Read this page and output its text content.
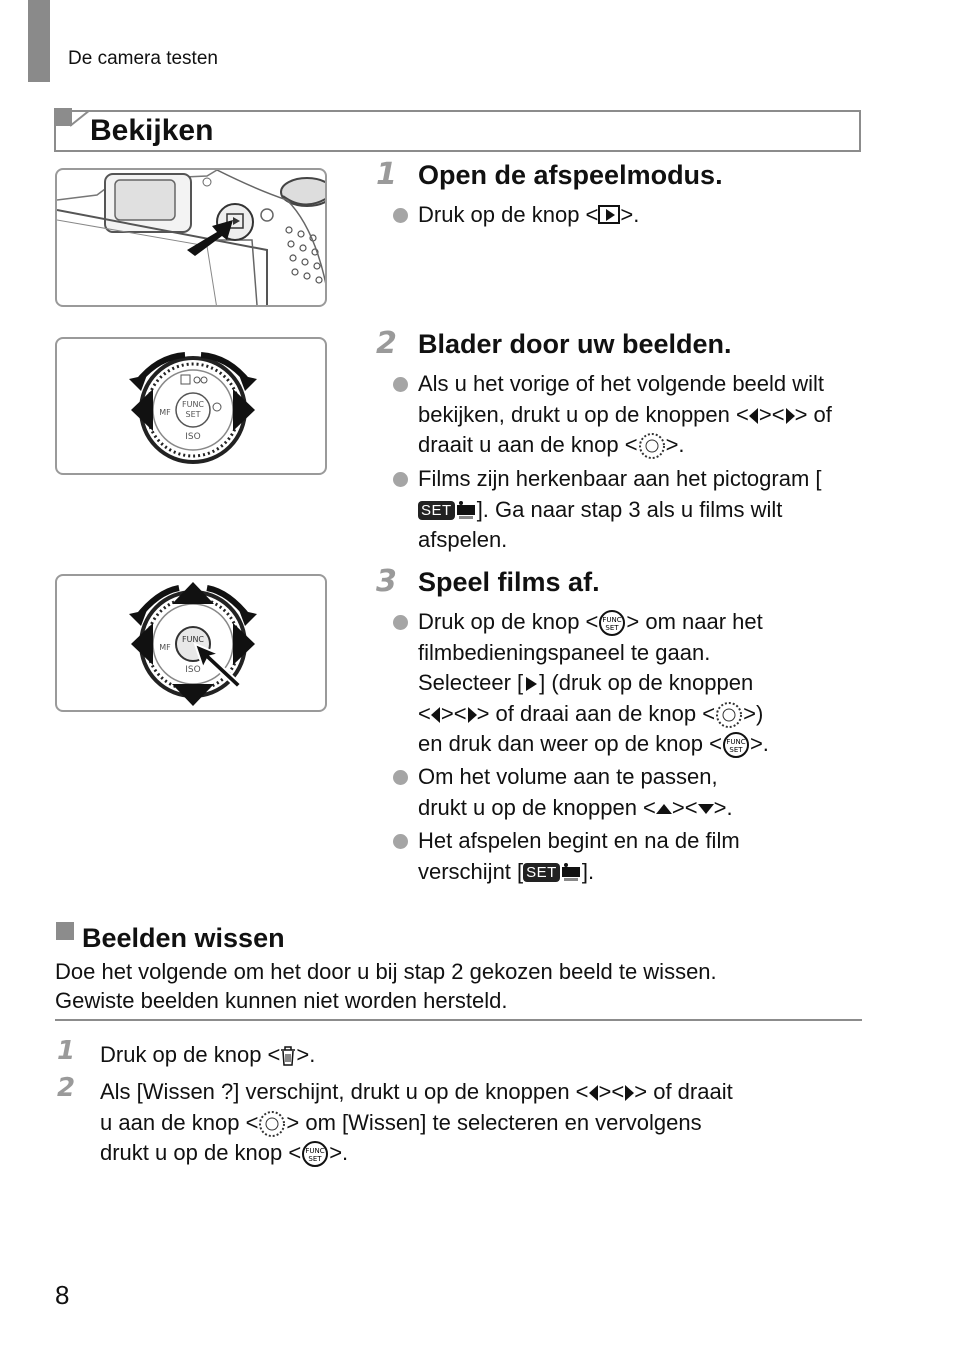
De camera testen
Bekijken
FUNC
SET
ISO
MF
FUNC
ISO
MF
1 Open de afspeelmodus.
Druk op de knop < >.
2 Blader door uw beelden.
Als u het vorige of het volgende beeld wilt bekijken, drukt u op de knoppen < >< > of draait u aan de knop < >.
Films zijn herkenbaar aan het pictogram [SET ]. Ga naar stap 3 als u films wilt afspelen.
3 Speel films af.
Druk op de knop < FUNC
SET > om naar het filmbedieningspaneel te gaan.
Selecteer [ ] (druk op de knoppen
< >< > of draai aan de knop < >)
en druk dan weer op de knop < FUNC
SET >.
Om het volume aan te passen,
drukt u op de knoppen < >< >.
Het afspelen begint en na de film
verschijnt [ SET ].
Beelden wissen
Doe het volgende om het door u bij stap 2 gekozen beeld te wissen.
Gewiste beelden kunnen niet worden hersteld.
1 Druk op de knop < >.
2 Als [Wissen ?] verschijnt, drukt u op de knoppen < >< > of draait
u aan de knop < > om [Wissen] te selecteren en vervolgens
drukt u op de knop < FUNC
SET >.
8
